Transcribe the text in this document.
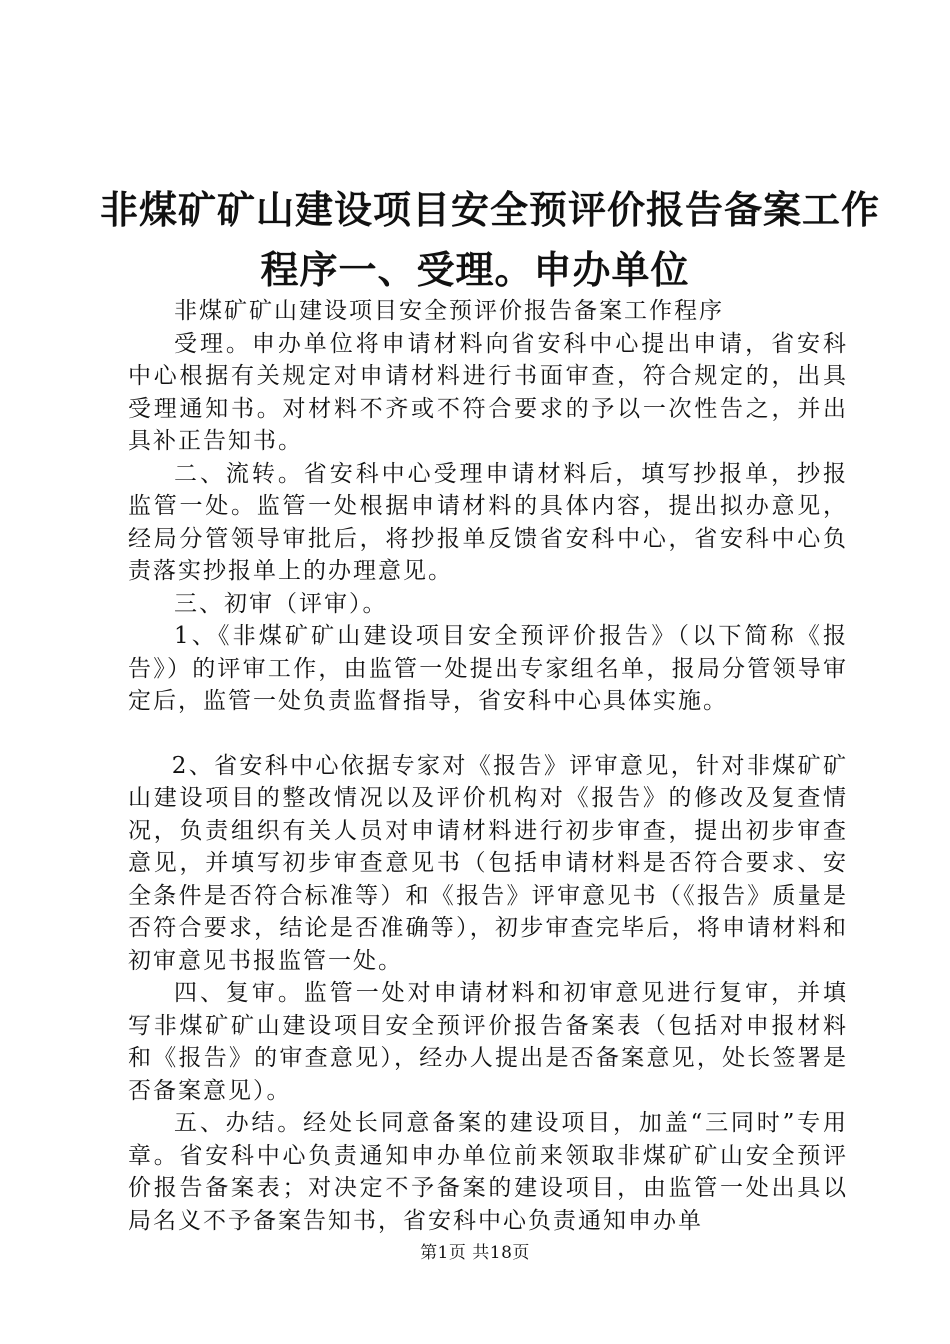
非煤矿矿山建设项目安全预评价报告备案工作
程序一、受理。申办单位

非煤矿矿山建设项目安全预评价报告备案工作程序

受理。申办单位将申请材料向省安科中心提出申请，省安科中心根据有关规定对申请材料进行书面审查，符合规定的，出具受理通知书。对材料不齐或不符合要求的予以一次性告之，并出具补正告知书。

二、流转。省安科中心受理申请材料后，填写抄报单，抄报监管一处。监管一处根据申请材料的具体内容，提出拟办意见，经局分管领导审批后，将抄报单反馈省安科中心，省安科中心负责落实抄报单上的办理意见。

三、初审（评审）。

1、《非煤矿矿山建设项目安全预评价报告》（以下简称《报告》）的评审工作，由监管一处提出专家组名单，报局分管领导审定后，监管一处负责监督指导，省安科中心具体实施。

2、省安科中心依据专家对《报告》评审意见，针对非煤矿矿山建设项目的整改情况以及评价机构对《报告》的修改及复查情况，负责组织有关人员对申请材料进行初步审查，提出初步审查意见，并填写初步审查意见书（包括申请材料是否符合要求、安全条件是否符合标准等）和《报告》评审意见书（《报告》质量是否符合要求，结论是否准确等），初步审查完毕后，将申请材料和初审意见书报监管一处。

四、复审。监管一处对申请材料和初审意见进行复审，并填写非煤矿矿山建设项目安全预评价报告备案表（包括对申报材料和《报告》的审查意见），经办人提出是否备案意见，处长签署是否备案意见）。

五、办结。经处长同意备案的建设项目，加盖“三同时”专用章。省安科中心负责通知申办单位前来领取非煤矿矿山安全预评价报告备案表；对决定不予备案的建设项目，由监管一处出具以局名义不予备案告知书，省安科中心负责通知申办单

第1页 共18页
